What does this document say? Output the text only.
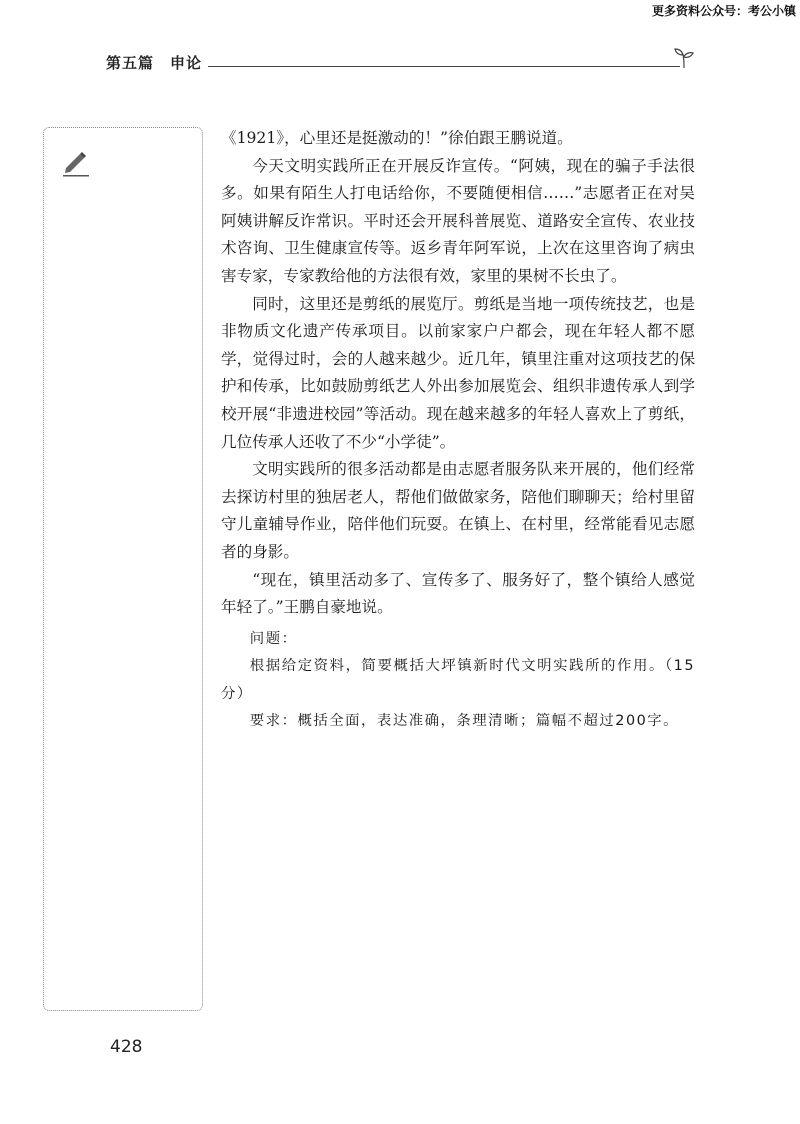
更多资料公众号：考公小镇
第五篇　申论

《1921》，心里还是挺激动的！”徐伯跟王鹏说道。

今天文明实践所正在开展反诈宣传。“阿姨，现在的骗子手法很多。如果有陌生人打电话给你，不要随便相信……”志愿者正在对吴阿姨讲解反诈常识。平时还会开展科普展览、道路安全宣传、农业技术咨询、卫生健康宣传等。返乡青年阿军说，上次在这里咨询了病虫害专家，专家教给他的方法很有效，家里的果树不长虫了。

同时，这里还是剪纸的展览厅。剪纸是当地一项传统技艺，也是非物质文化遗产传承项目。以前家家户户都会，现在年轻人都不愿学，觉得过时，会的人越来越少。近几年，镇里注重对这项技艺的保护和传承，比如鼓励剪纸艺人外出参加展览会、组织非遗传承人到学校开展“非遗进校园”等活动。现在越来越多的年轻人喜欢上了剪纸，几位传承人还收了不少“小学徒”。

文明实践所的很多活动都是由志愿者服务队来开展的，他们经常去探访村里的独居老人，帮他们做做家务，陪他们聊聊天；给村里留守儿童辅导作业，陪伴他们玩耍。在镇上、在村里，经常能看见志愿者的身影。

“现在，镇里活动多了、宣传多了、服务好了，整个镇给人感觉年轻了。”王鹏自豪地说。

问题：

根据给定资料，简要概括大坪镇新时代文明实践所的作用。（15分）

要求：概括全面，表达准确，条理清晰；篇幅不超过200字。

428
